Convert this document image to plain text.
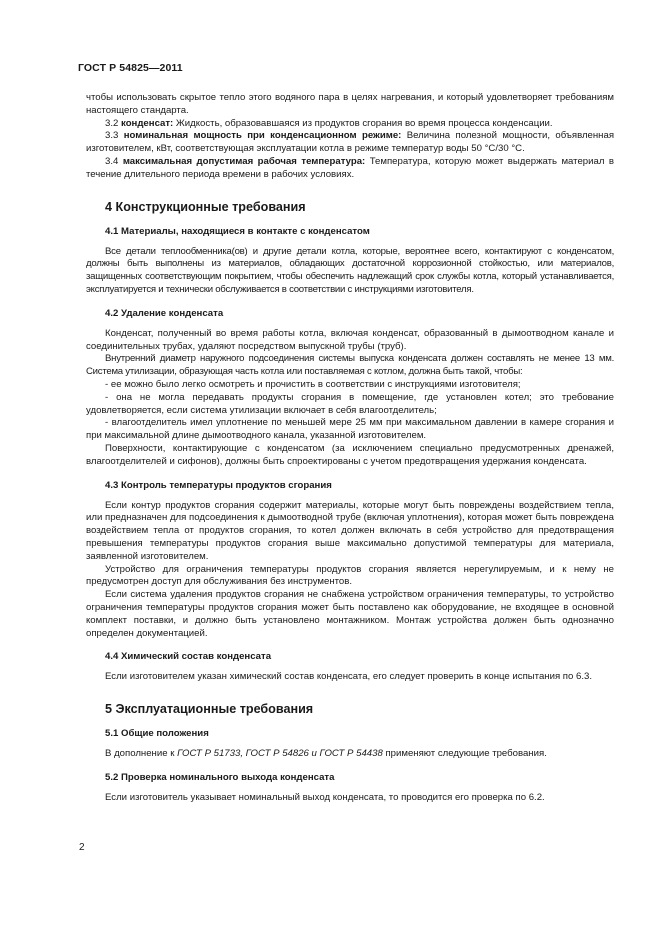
ГОСТ Р 54825—2011

чтобы использовать скрытое тепло этого водяного пара в целях нагревания, и который удовлетворяет требованиям настоящего стандарта.

3.2 конденсат: Жидкость, образовавшаяся из продуктов сгорания во время процесса конденсации.

3.3 номинальная мощность при конденсационном режиме: Величина полезной мощности, объявленная изготовителем, кВт, соответствующая эксплуатации котла в режиме температур воды 50 °С/30 °С.

3.4 максимальная допустимая рабочая температура: Температура, которую может выдержать материал в течение длительного периода времени в рабочих условиях.

4 Конструкционные требования
4.1 Материалы, находящиеся в контакте с конденсатом

Все детали теплообменника(ов) и другие детали котла, которые, вероятнее всего, контактируют с конденсатом, должны быть выполнены из материалов, обладающих достаточной коррозионной стойкостью, или материалов, защищенных соответствующим покрытием, чтобы обеспечить надлежащий срок службы котла, который устанавливается, эксплуатируется и технически обслуживается в соответствии с инструкциями изготовителя.

4.2 Удаление конденсата

Конденсат, полученный во время работы котла, включая конденсат, образованный в дымоотводном канале и соединительных трубах, удаляют посредством выпускной трубы (труб).

Внутренний диаметр наружного подсоединения системы выпуска конденсата должен составлять не менее 13 мм. Система утилизации, образующая часть котла или поставляемая с котлом, должна быть такой, чтобы:

- ее можно было легко осмотреть и прочистить в соответствии с инструкциями изготовителя;

- она не могла передавать продукты сгорания в помещение, где установлен котел; это требование удовлетворяется, если система утилизации включает в себя влагоотделитель;

- влагоотделитель имел уплотнение по меньшей мере 25 мм при максимальном давлении в камере сгорания и при максимальной длине дымоотводного канала, указанной изготовителем.

Поверхности, контактирующие с конденсатом (за исключением специально предусмотренных дренажей, влагоотделителей и сифонов), должны быть спроектированы с учетом предотвращения удержания конденсата.

4.3 Контроль температуры продуктов сгорания

Если контур продуктов сгорания содержит материалы, которые могут быть повреждены воздействием тепла, или предназначен для подсоединения к дымоотводной трубе (включая уплотнения), которая может быть повреждена воздействием тепла от продуктов сгорания, то котел должен включать в себя устройство для предотвращения превышения температуры продуктов сгорания выше максимально допустимой температуры для материала, заявленной изготовителем.

Устройство для ограничения температуры продуктов сгорания является нерегулируемым, и к нему не предусмотрен доступ для обслуживания без инструментов.

Если система удаления продуктов сгорания не снабжена устройством ограничения температуры, то устройство ограничения температуры продуктов сгорания может быть поставлено как оборудование, не входящее в основной комплект поставки, и должно быть установлено монтажником. Монтаж устройства должен быть однозначно определен документацией.

4.4 Химический состав конденсата

Если изготовителем указан химический состав конденсата, его следует проверить в конце испытания по 6.3.

5 Эксплуатационные требования
5.1 Общие положения

В дополнение к ГОСТ Р 51733, ГОСТ Р 54826 и ГОСТ Р 54438 применяют следующие требования.

5.2 Проверка номинального выхода конденсата

Если изготовитель указывает номинальный выход конденсата, то проводится его проверка по 6.2.

2
